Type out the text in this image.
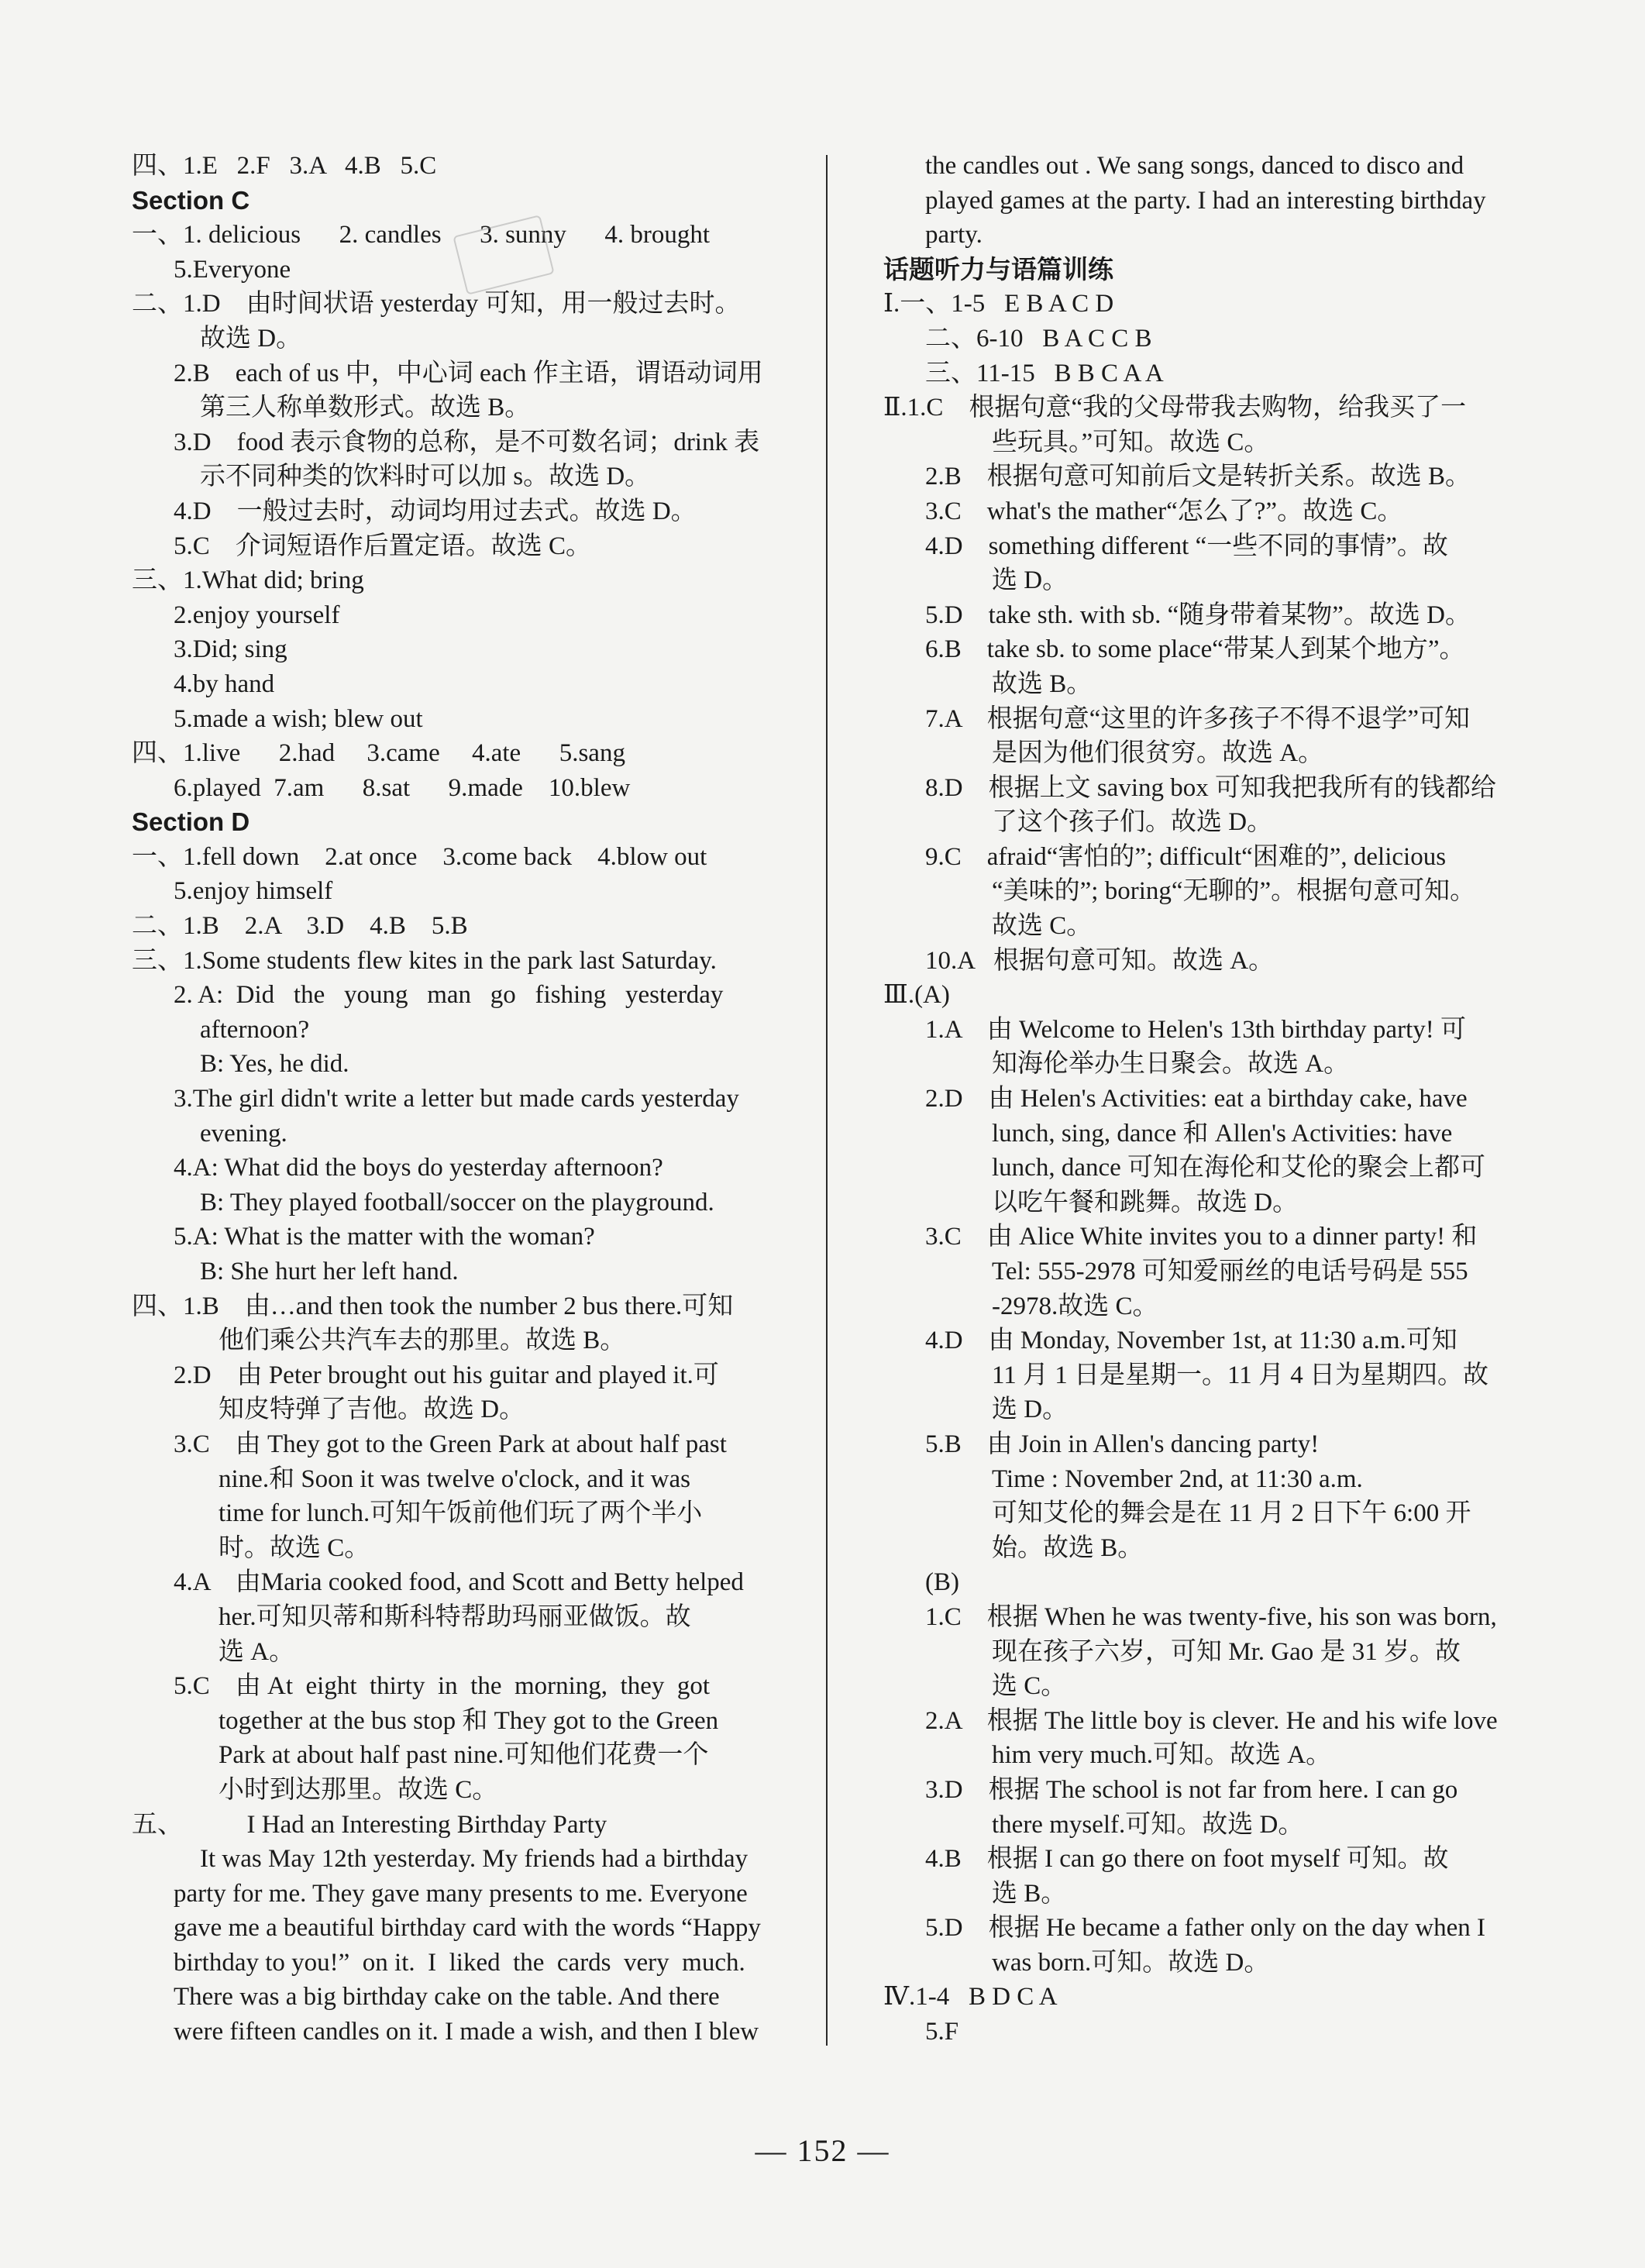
四、1.E   2.F   3.A   4.B   5.C
Section C
一、1. delicious      2. candles      3. sunny      4. brought
5.Everyone
二、1.D    由时间状语 yesterday 可知，用一般过去时。
故选 D。
2.B    each of us 中，中心词 each 作主语，谓语动词用
第三人称单数形式。故选 B。
3.D    food 表示食物的总称，是不可数名词；drink 表
示不同种类的饮料时可以加 s。故选 D。
4.D    一般过去时，动词均用过去式。故选 D。
5.C    介词短语作后置定语。故选 C。
三、1.What did; bring
2.enjoy yourself
3.Did; sing
4.by hand
5.made a wish; blew out
四、1.live      2.had     3.came     4.ate      5.sang
6.played  7.am      8.sat      9.made    10.blew
Section D
一、1.fell down    2.at once    3.come back    4.blow out
5.enjoy himself
二、1.B    2.A    3.D    4.B    5.B
三、1.Some students flew kites in the park last Saturday.
2. A:  Did   the   young   man   go   fishing   yesterday
afternoon?
B: Yes, he did.
3.The girl didn't write a letter but made cards yesterday
evening.
4.A: What did the boys do yesterday afternoon?
B: They played football/soccer on the playground.
5.A: What is the matter with the woman?
B: She hurt her left hand.
四、1.B    由…and then took the number 2 bus there.可知
他们乘公共汽车去的那里。故选 B。
2.D    由 Peter brought out his guitar and played it.可
知皮特弹了吉他。故选 D。
3.C    由 They got to the Green Park at about half past
nine.和 Soon it was twelve o'clock, and it was
time for lunch.可知午饭前他们玩了两个半小
时。故选 C。
4.A    由Maria cooked food, and Scott and Betty helped
her.可知贝蒂和斯科特帮助玛丽亚做饭。故
选 A。
5.C    由 At  eight  thirty  in  the  morning,  they  got
together at the bus stop 和 They got to the Green
Park at about half past nine.可知他们花费一个
小时到达那里。故选 C。
五、          I Had an Interesting Birthday Party
It was May 12th yesterday. My friends had a birthday
party for me. They gave many presents to me. Everyone
gave me a beautiful birthday card with the words “Happy
birthday to you!”  on it.  I  liked  the  cards  very  much.
There was a big birthday cake on the table. And there
were fifteen candles on it. I made a wish, and then I blew
the candles out . We sang songs, danced to disco and
played games at the party. I had an interesting birthday
party.
话题听力与语篇训练
Ⅰ.一、1-5   E B A C D
二、6-10   B A C C B
三、11-15   B B C A A
Ⅱ.1.C    根据句意“我的父母带我去购物，给我买了一
些玩具。”可知。故选 C。
2.B    根据句意可知前后文是转折关系。故选 B。
3.C    what's the mather“怎么了?”。故选 C。
4.D    something different “一些不同的事情”。故
选 D。
5.D    take sth. with sb. “随身带着某物”。故选 D。
6.B    take sb. to some place“带某人到某个地方”。
故选 B。
7.A    根据句意“这里的许多孩子不得不退学”可知
是因为他们很贫穷。故选 A。
8.D    根据上文 saving box 可知我把我所有的钱都给
了这个孩子们。故选 D。
9.C    afraid“害怕的”; difficult“困难的”, delicious
“美味的”; boring“无聊的”。根据句意可知。
故选 C。
10.A   根据句意可知。故选 A。
Ⅲ.(A)
1.A    由 Welcome to Helen's 13th birthday party! 可
知海伦举办生日聚会。故选 A。
2.D    由 Helen's Activities: eat a birthday cake, have
lunch, sing, dance 和 Allen's Activities: have
lunch, dance 可知在海伦和艾伦的聚会上都可
以吃午餐和跳舞。故选 D。
3.C    由 Alice White invites you to a dinner party! 和
Tel: 555-2978 可知爱丽丝的电话号码是 555
-2978.故选 C。
4.D    由 Monday, November 1st, at 11:30 a.m.可知
11 月 1 日是星期一。11 月 4 日为星期四。故
选 D。
5.B    由 Join in Allen's dancing party!
Time : November 2nd, at 11:30 a.m.
可知艾伦的舞会是在 11 月 2 日下午 6:00 开
始。故选 B。
(B)
1.C    根据 When he was twenty-five, his son was born,
现在孩子六岁，可知 Mr. Gao 是 31 岁。故
选 C。
2.A    根据 The little boy is clever. He and his wife love
him very much.可知。故选 A。
3.D    根据 The school is not far from here. I can go
there myself.可知。故选 D。
4.B    根据 I can go there on foot myself 可知。故
选 B。
5.D    根据 He became a father only on the day when I
was born.可知。故选 D。
Ⅳ.1-4   B D C A
5.F
— 152 —
